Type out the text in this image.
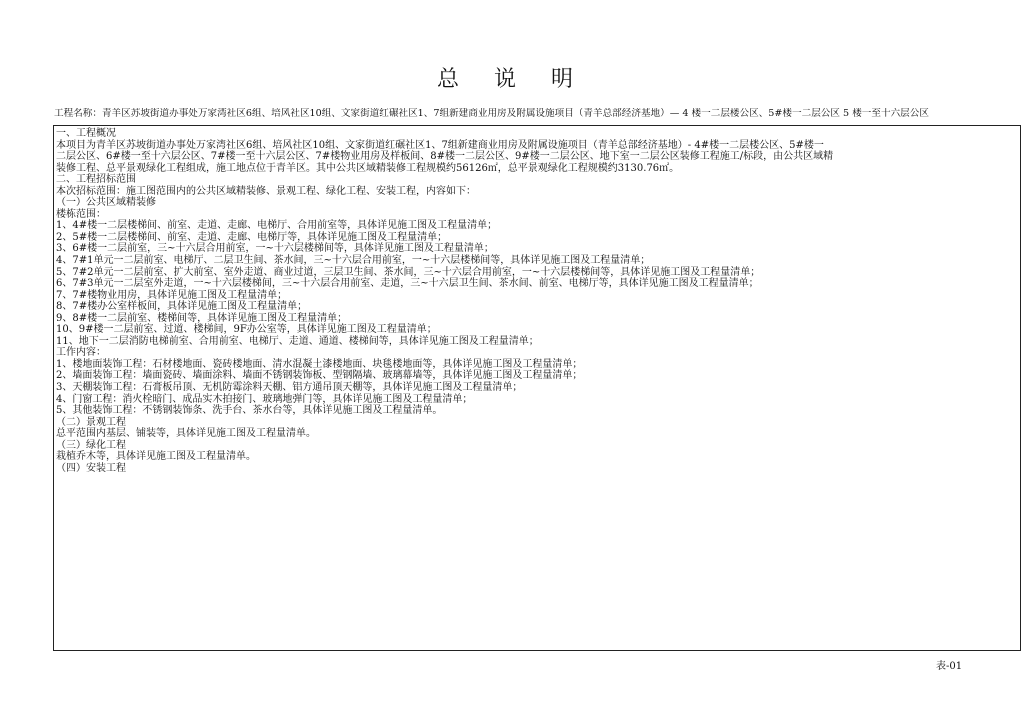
总 说 明
工程名称：青羊区苏坡街道办事处万家湾社区6组、培风社区10组、文家街道红碾社区1、7组新建商业用房及附属设施项目（青羊总部经济基地）— 4 楼一二层楼公区、5#楼一二层公区 5 楼一至十六层公区
一、工程概况
本项目为青羊区苏坡街道办事处万家湾社区6组、培风社区10组、文家街道红碾社区1、7组新建商业用房及附属设施项目（青羊总部经济基地）- 4#楼一二层楼公区、5#楼一
二层公区、6#楼一至十六层公区、7#楼一至十六层公区、7#楼物业用房及样板间、8#楼一二层公区、9#楼一二层公区、地下室一二层公区装修工程施工/标段，由公共区域精
装修工程、总平景观绿化工程组成，施工地点位于青羊区。其中公共区域精装修工程规模约56126㎡，总平景观绿化工程规模约3130.76㎡。
二、工程招标范围
本次招标范围：施工图范围内的公共区域精装修、景观工程、绿化工程、安装工程，内容如下：
（一）公共区域精装修
楼栋范围：
1、4#楼一二层楼梯间、前室、走道、走廊、电梯厅、合用前室等，具体详见施工图及工程量清单；
2、5#楼一二层楼梯间、前室、走道、走廊、电梯厅等，具体详见施工图及工程量清单；
3、6#楼一二层前室，三~十六层合用前室，一~十六层楼梯间等，具体详见施工图及工程量清单；
4、7#1单元一二层前室、电梯厅、二层卫生间、茶水间，三~十六层合用前室，一~十六层楼梯间等，具体详见施工图及工程量清单；
5、7#2单元一二层前室、扩大前室、室外走道、商业过道，三层卫生间、茶水间，三~十六层合用前室，一~十六层楼梯间等，具体详见施工图及工程量清单；
6、7#3单元一二层室外走道，一~十六层楼梯间，三~十六层合用前室、走道，三~十六层卫生间、茶水间、前室、电梯厅等，具体详见施工图及工程量清单；
7、7#楼物业用房，具体详见施工图及工程量清单；
8、7#楼办公室样板间，具体详见施工图及工程量清单；
9、8#楼一二层前室、楼梯间等，具体详见施工图及工程量清单；
10、9#楼一二层前室、过道、楼梯间，9F办公室等，具体详见施工图及工程量清单；
11、地下一二层消防电梯前室、合用前室、电梯厅、走道、通道、楼梯间等，具体详见施工图及工程量清单；
工作内容：
1、楼地面装饰工程：石材楼地面、瓷砖楼地面、清水混凝土漆楼地面、块毯楼地面等，具体详见施工图及工程量清单；
2、墙面装饰工程：墙面瓷砖、墙面涂料、墙面不锈钢装饰板、型钢隔墙、玻璃幕墙等，具体详见施工图及工程量清单；
3、天棚装饰工程：石膏板吊顶、无机防霉涂料天棚、铝方通吊顶天棚等，具体详见施工图及工程量清单；
4、门窗工程：消火栓暗门、成品实木拍接门、玻璃地弹门等，具体详见施工图及工程量清单；
5、其他装饰工程：不锈钢装饰条、洗手台、茶水台等，具体详见施工图及工程量清单。
（二）景观工程
总平范围内基层、铺装等，具体详见施工图及工程量清单。
（三）绿化工程
栽植乔木等，具体详见施工图及工程量清单。
（四）安装工程
表-01
